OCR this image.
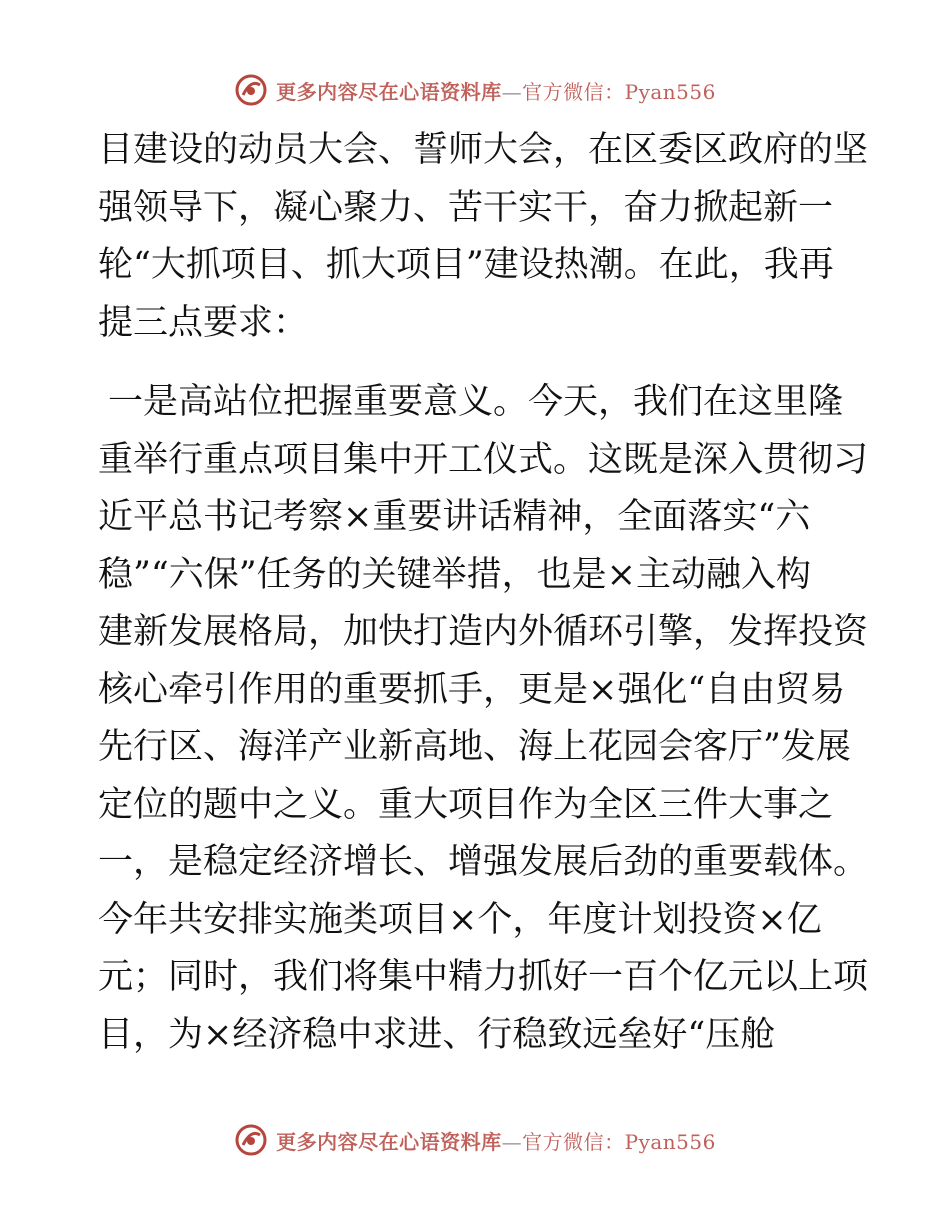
更多内容尽在心语资料库—官方微信：Pyan556
目建设的动员大会、誓师大会，在区委区政府的坚
强领导下，凝心聚力、苦干实干，奋力掀起新一
轮“大抓项目、抓大项目”建设热潮。在此，我再
提三点要求：
一是高站位把握重要意义。今天，我们在这里隆
重举行重点项目集中开工仪式。这既是深入贯彻习
近平总书记考察×重要讲话精神，全面落实“六
稳”“六保”任务的关键举措，也是×主动融入构
建新发展格局，加快打造内外循环引擎，发挥投资
核心牵引作用的重要抓手，更是×强化“自由贸易
先行区、海洋产业新高地、海上花园会客厅”发展
定位的题中之义。重大项目作为全区三件大事之
一，是稳定经济增长、增强发展后劲的重要载体。
今年共安排实施类项目×个，年度计划投资×亿
元；同时，我们将集中精力抓好一百个亿元以上项
目，为×经济稳中求进、行稳致远垒好“压舱
更多内容尽在心语资料库—官方微信：Pyan556
